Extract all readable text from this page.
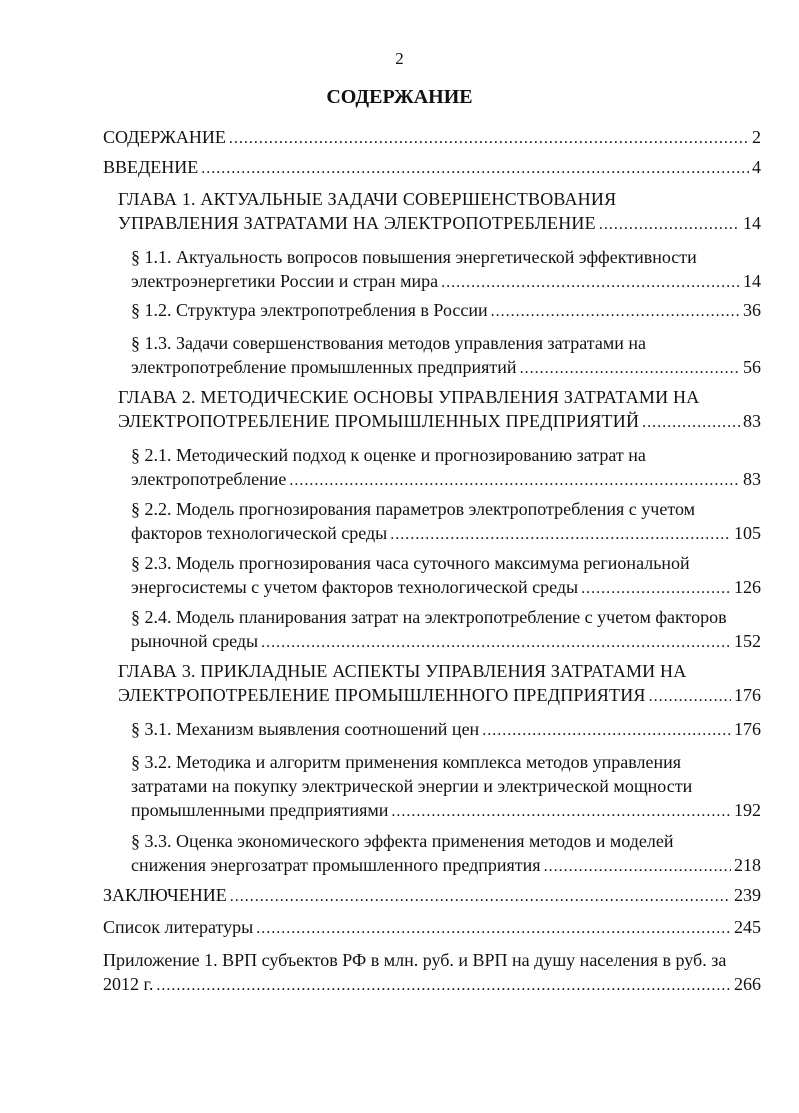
2
СОДЕРЖАНИЕ
СОДЕРЖАНИЕ .....	2
ВВЕДЕНИЕ .....	4
ГЛАВА 1. АКТУАЛЬНЫЕ ЗАДАЧИ СОВЕРШЕНСТВОВАНИЯ
УПРАВЛЕНИЯ ЗАТРАТАМИ НА ЭЛЕКТРОПОТРЕБЛЕНИЕ .....	14
§ 1.1. Актуальность вопросов повышения энергетической эффективности
электроэнергетики России и стран мира .....	14
§ 1.2. Структура электропотребления в России .....	36
§ 1.3. Задачи совершенствования методов управления затратами на
электропотребление промышленных предприятий .....	56
ГЛАВА 2. МЕТОДИЧЕСКИЕ ОСНОВЫ УПРАВЛЕНИЯ ЗАТРАТАМИ НА
ЭЛЕКТРОПОТРЕБЛЕНИЕ ПРОМЫШЛЕННЫХ ПРЕДПРИЯТИЙ .....	83
§ 2.1. Методический подход к оценке и прогнозированию затрат на
электропотребление .....	83
§ 2.2. Модель прогнозирования параметров электропотребления с учетом
факторов технологической среды .....	105
§ 2.3. Модель прогнозирования часа суточного максимума региональной
энергосистемы с учетом факторов технологической среды .....	126
§ 2.4. Модель планирования затрат на электропотребление с учетом факторов
рыночной среды .....	152
ГЛАВА 3. ПРИКЛАДНЫЕ АСПЕКТЫ УПРАВЛЕНИЯ ЗАТРАТАМИ НА
ЭЛЕКТРОПОТРЕБЛЕНИЕ ПРОМЫШЛЕННОГО ПРЕДПРИЯТИЯ .....	176
§ 3.1. Механизм выявления соотношений цен .....	176
§ 3.2. Методика и алгоритм применения комплекса методов управления
затратами на покупку электрической энергии и электрической мощности
промышленными предприятиями .....	192
§ 3.3. Оценка экономического эффекта применения методов и моделей
снижения энергозатрат промышленного предприятия .....	218
ЗАКЛЮЧЕНИЕ .....	239
Список литературы .....	245
Приложение 1. ВРП субъектов РФ в млн. руб. и ВРП на душу населения в руб. за
2012 г. .....	266
